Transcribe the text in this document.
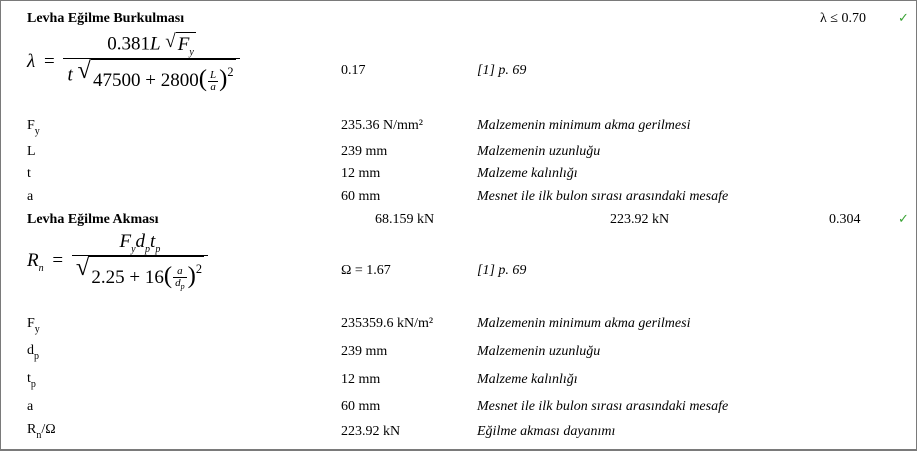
Levha Eğilme Burkulması	λ ≤ 0.70 ✓
$\lambda = \frac{0.381L √ F_y}{t √ 47500 + 2800( \frac{L}{a} )^2}$	0.17	[1] p. 69
$F_y$	235.36 N/mm²	Malzemenin minimum akma gerilmesi
L	239 mm	Malzemenin uzunluğu
t	12 mm	Malzeme kalınlığı
a	60 mm	Mesnet ile ilk bulon sırası arasındaki mesafe
Levha Eğilme Akması	68.159 kN	223.92 kN	0.304	✓
$R_n = \frac{F_yd_pt_p}{√ 2.25 + 16( \frac{a}{d_p} )^2}$	Ω = 1.67	[1] p. 69
$F_y$	235359.6 kN/m²	Malzemenin minimum akma gerilmesi
$d_p$	239 mm	Malzemenin uzunluğu
$t_p$	12 mm	Malzeme kalınlığı
a	60 mm	Mesnet ile ilk bulon sırası arasındaki mesafe
$R_n/\Omega$	223.92 kN	Eğilme akması dayanımı
